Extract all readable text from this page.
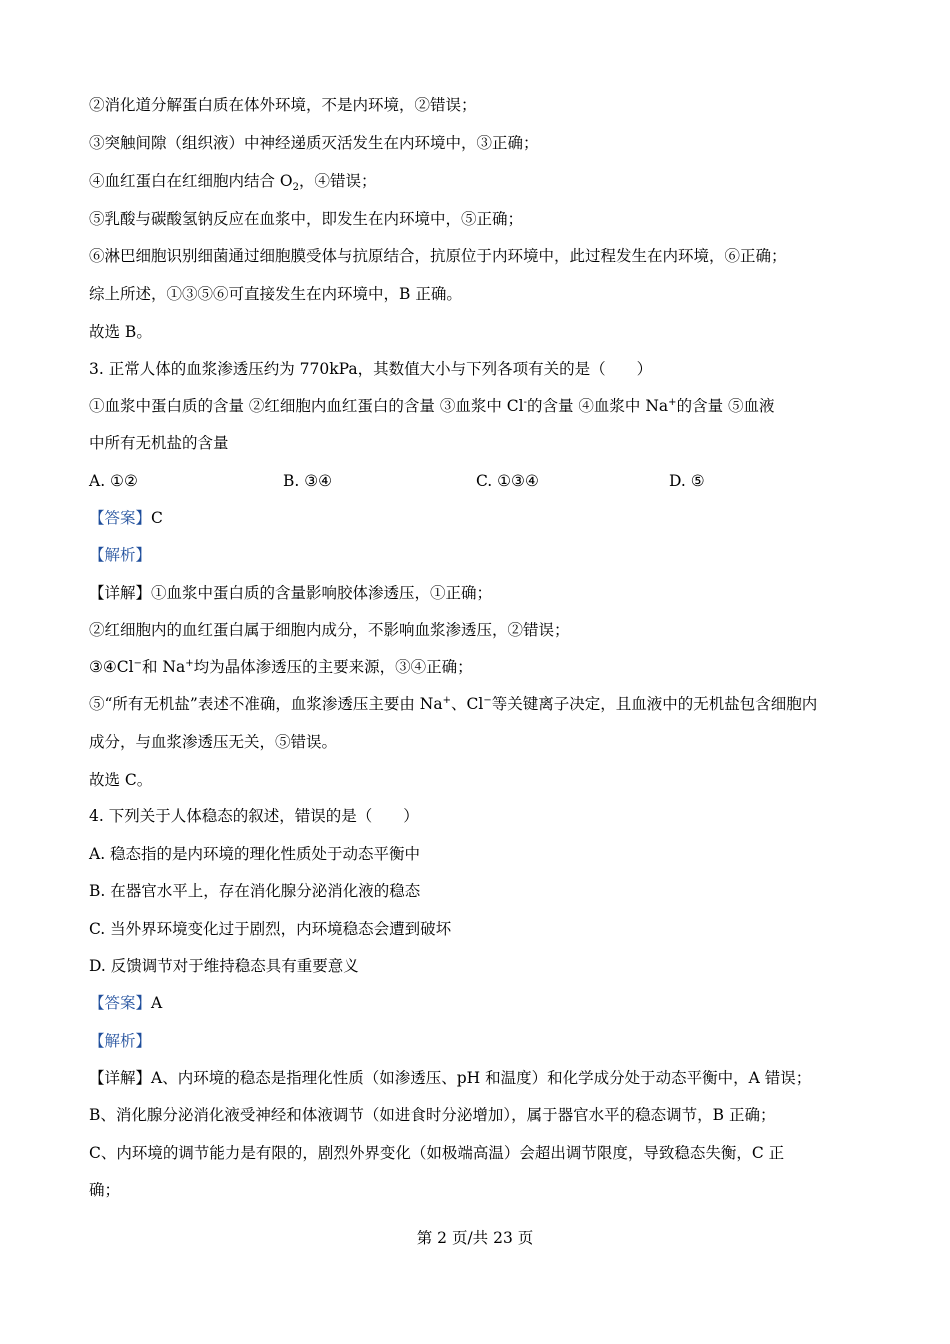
②消化道分解蛋白质在体外环境，不是内环境，②错误；
③突触间隙（组织液）中神经递质灭活发生在内环境中，③正确；
④血红蛋白在红细胞内结合 $O_2$，④错误；
⑤乳酸与碳酸氢钠反应在血浆中，即发生在内环境中，⑤正确；
⑥淋巴细胞识别细菌通过细胞膜受体与抗原结合，抗原位于内环境中，此过程发生在内环境，⑥正确；
综上所述，①③⑤⑥可直接发生在内环境中，B 正确。
故选 B。
3. 正常人体的血浆渗透压约为 770kPa，其数值大小与下列各项有关的是（　　）
①血浆中蛋白质的含量 ②红细胞内血红蛋白的含量 ③血浆中 Cl-的含量 ④血浆中 Na+的含量 ⑤血液
中所有无机盐的含量
A. ①②	B. ③④	C. ①③④	D. ⑤
【答案】C
【解析】
【详解】①血浆中蛋白质的含量影响胶体渗透压，①正确；
②红细胞内的血红蛋白属于细胞内成分，不影响血浆渗透压，②错误；
③④Cl−和 Na+均为晶体渗透压的主要来源，③④正确；
⑤“所有无机盐”表述不准确，血浆渗透压主要由 Na+、Cl−等关键离子决定，且血液中的无机盐包含细胞内
成分，与血浆渗透压无关，⑤错误。
故选 C。
4. 下列关于人体稳态的叙述，错误的是（　　）
A. 稳态指的是内环境的理化性质处于动态平衡中
B. 在器官水平上，存在消化腺分泌消化液的稳态
C. 当外界环境变化过于剧烈，内环境稳态会遭到破坏
D. 反馈调节对于维持稳态具有重要意义
【答案】A
【解析】
【详解】A、内环境的稳态是指理化性质（如渗透压、pH 和温度）和化学成分处于动态平衡中，A 错误；
B、消化腺分泌消化液受神经和体液调节（如进食时分泌增加），属于器官水平的稳态调节，B 正确；
C、内环境的调节能力是有限的，剧烈外界变化（如极端高温）会超出调节限度，导致稳态失衡，C 正
确；
第 2 页/共 23 页
